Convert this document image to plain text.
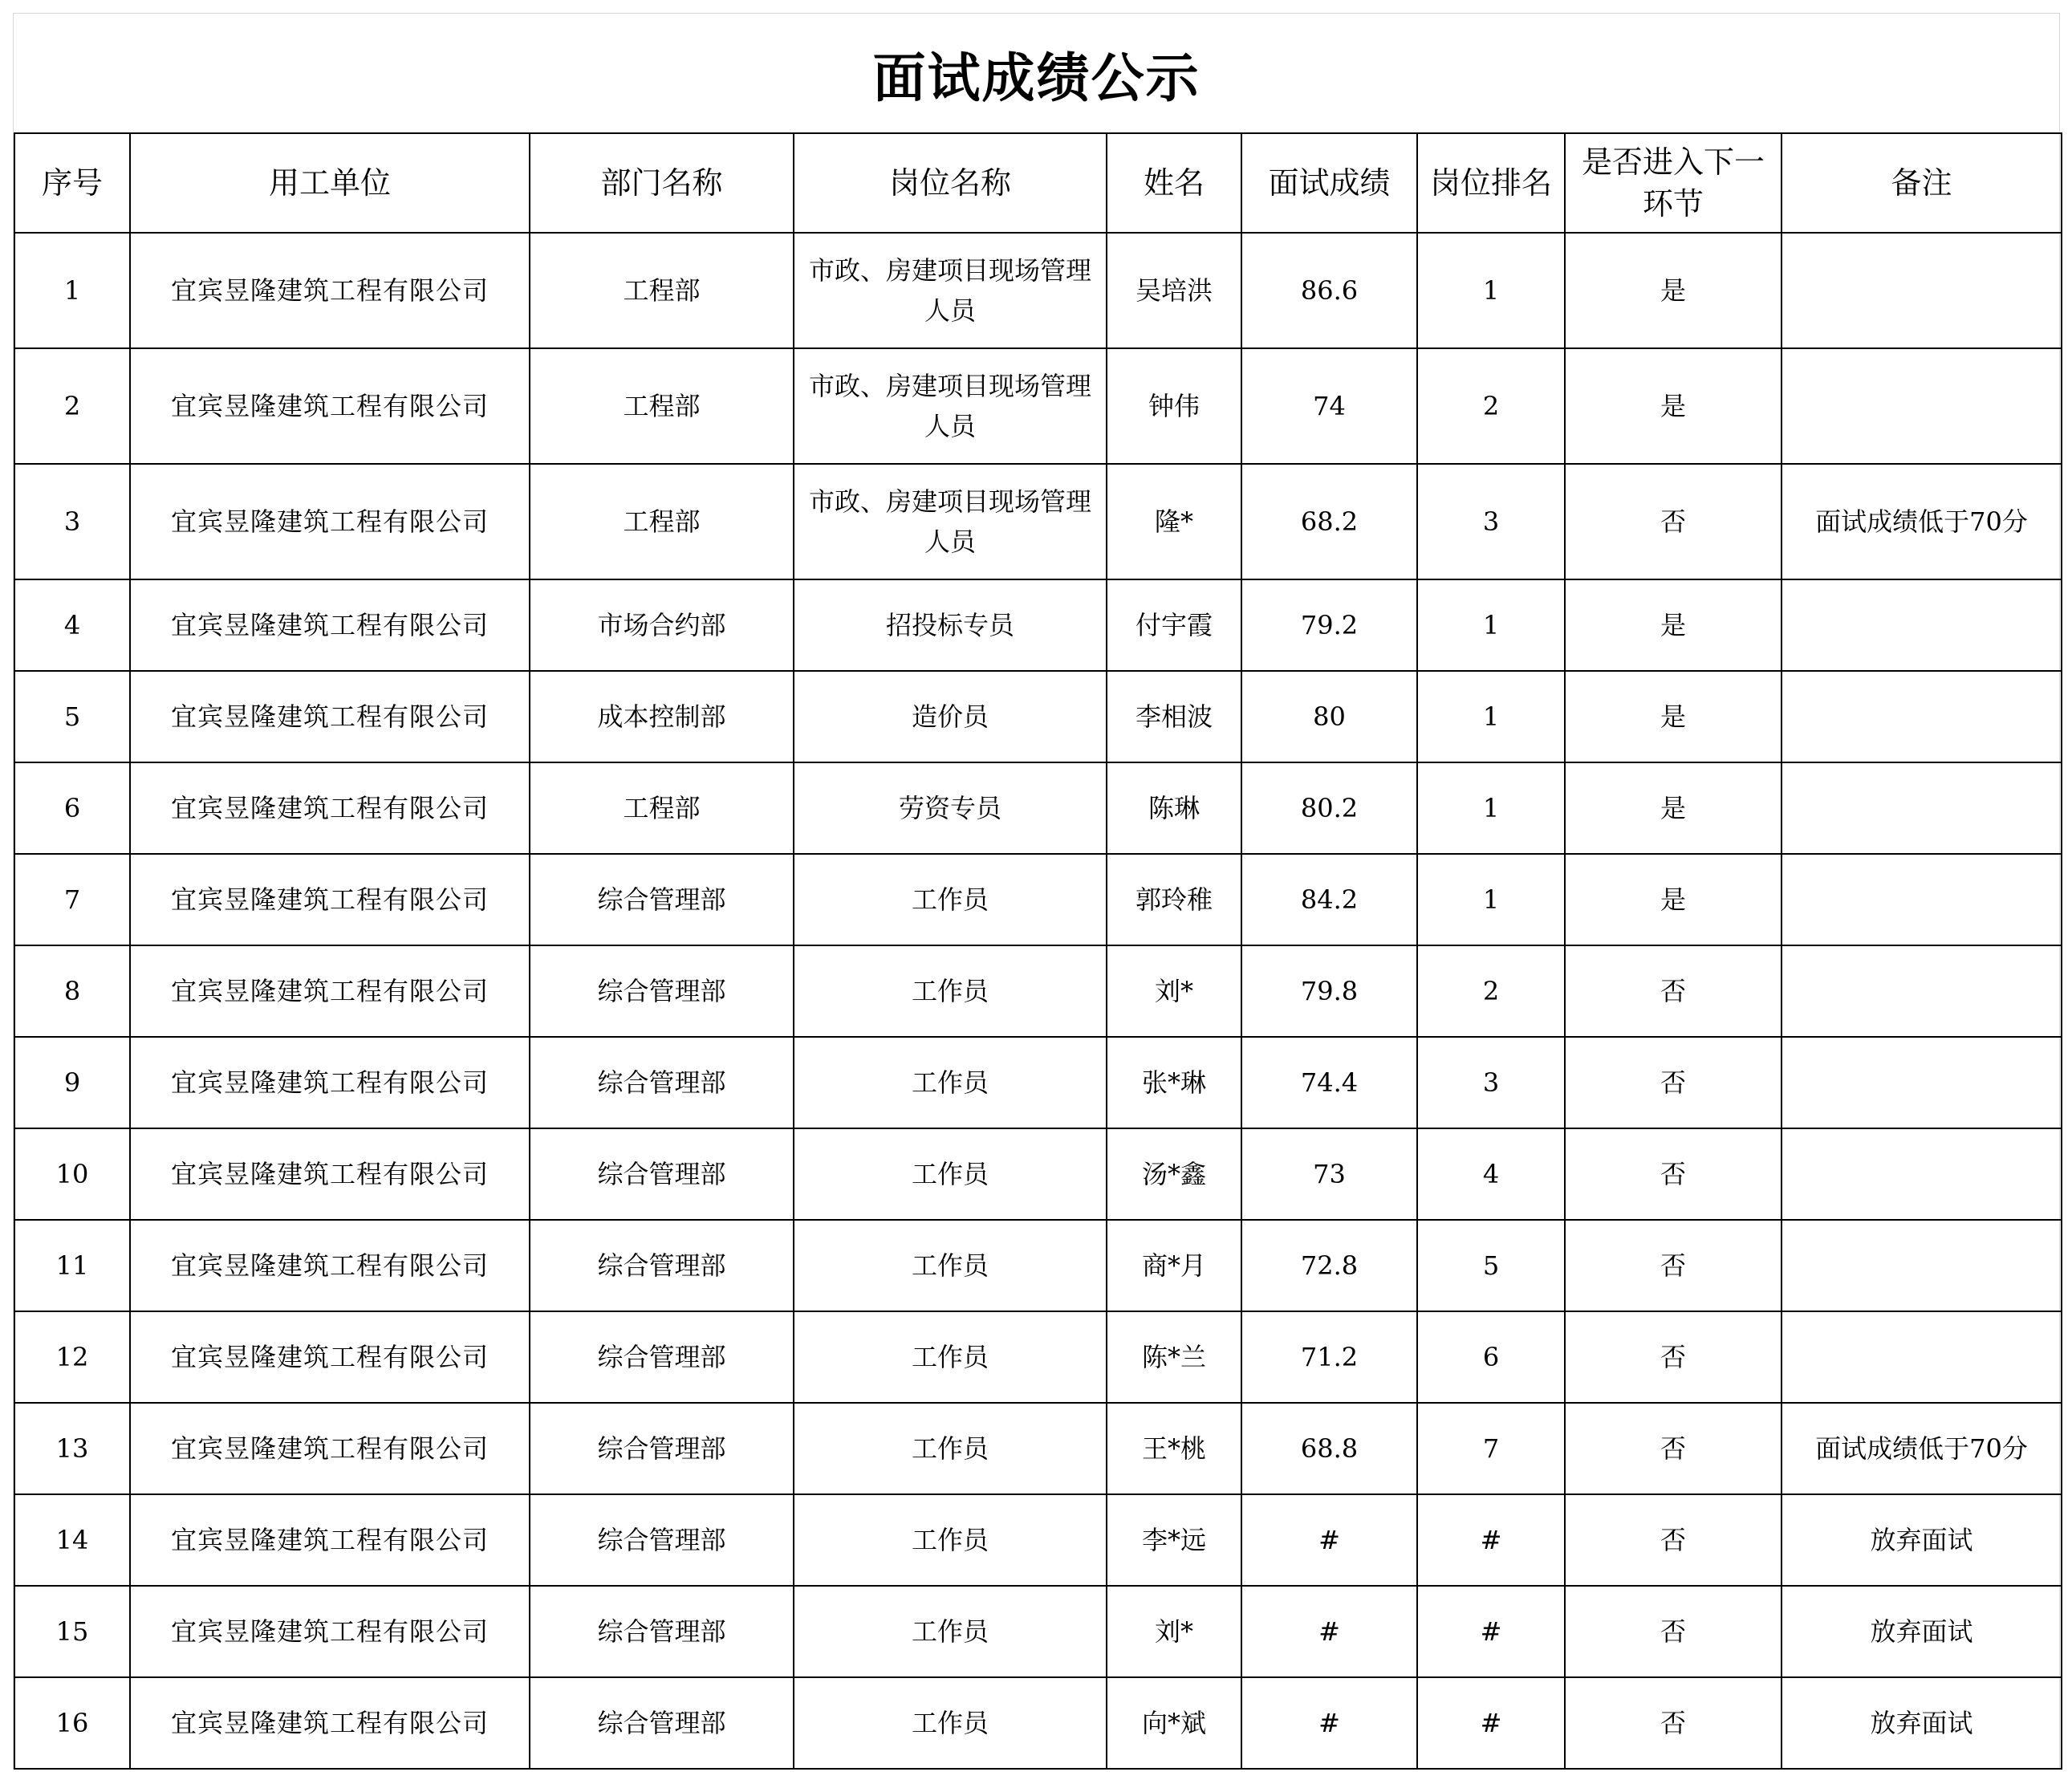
面试成绩公示
序号	用工单位	部门名称	岗位名称	姓名	面试成绩	岗位排名	是否进入下一环节	备注
1	宜宾昱隆建筑工程有限公司	工程部	市政、房建项目现场管理人员	吴培洪	86.6	1	是	
2	宜宾昱隆建筑工程有限公司	工程部	市政、房建项目现场管理人员	钟伟	74	2	是	
3	宜宾昱隆建筑工程有限公司	工程部	市政、房建项目现场管理人员	隆*	68.2	3	否	面试成绩低于70分
4	宜宾昱隆建筑工程有限公司	市场合约部	招投标专员	付宇霞	79.2	1	是	
5	宜宾昱隆建筑工程有限公司	成本控制部	造价员	李相波	80	1	是	
6	宜宾昱隆建筑工程有限公司	工程部	劳资专员	陈琳	80.2	1	是	
7	宜宾昱隆建筑工程有限公司	综合管理部	工作员	郭玲稚	84.2	1	是	
8	宜宾昱隆建筑工程有限公司	综合管理部	工作员	刘*	79.8	2	否	
9	宜宾昱隆建筑工程有限公司	综合管理部	工作员	张*琳	74.4	3	否	
10	宜宾昱隆建筑工程有限公司	综合管理部	工作员	汤*鑫	73	4	否	
11	宜宾昱隆建筑工程有限公司	综合管理部	工作员	商*月	72.8	5	否	
12	宜宾昱隆建筑工程有限公司	综合管理部	工作员	陈*兰	71.2	6	否	
13	宜宾昱隆建筑工程有限公司	综合管理部	工作员	王*桃	68.8	7	否	面试成绩低于70分
14	宜宾昱隆建筑工程有限公司	综合管理部	工作员	李*远	#	#	否	放弃面试
15	宜宾昱隆建筑工程有限公司	综合管理部	工作员	刘*	#	#	否	放弃面试
16	宜宾昱隆建筑工程有限公司	综合管理部	工作员	向*斌	#	#	否	放弃面试
